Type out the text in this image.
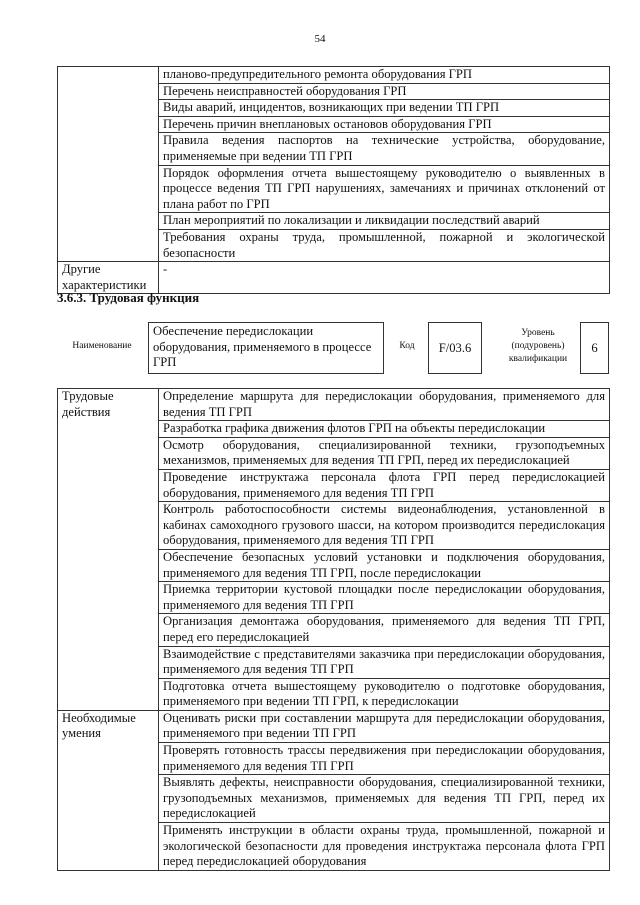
54
	планово-предупредительного ремонта оборудования ГРП
	Перечень неисправностей оборудования ГРП
	Виды аварий, инцидентов, возникающих при ведении ТП ГРП
	Перечень причин внеплановых остановов оборудования ГРП
	Правила ведения паспортов на технические устройства, оборудование, применяемые при ведении ТП ГРП
	Порядок оформления отчета вышестоящему руководителю о выявленных в процессе ведения ТП ГРП нарушениях, замечаниях и причинах отклонений от плана работ по ГРП
	План мероприятий по локализации и ликвидации последствий аварий
	Требования охраны труда, промышленной, пожарной и экологической безопасности
Другие характеристики	-
3.6.3. Трудовая функция
Наименование
Обеспечение передислокации оборудования, применяемого в процессе ГРП
Код	F/03.6
Уровень (подуровень) квалификации
6
Трудовые действия	Определение маршрута для передислокации оборудования, применяемого для ведения ТП ГРП
	Разработка графика движения флотов ГРП на объекты передислокации
	Осмотр оборудования, специализированной техники, грузоподъемных механизмов, применяемых для ведения ТП ГРП, перед их передислокацией
	Проведение инструктажа персонала флота ГРП перед передислокацией оборудования, применяемого для ведения ТП ГРП
	Контроль работоспособности системы видеонаблюдения, установленной в кабинах самоходного грузового шасси, на котором производится передислокация оборудования, применяемого для ведения ТП ГРП
	Обеспечение безопасных условий установки и подключения оборудования, применяемого для ведения ТП ГРП, после передислокации
	Приемка территории кустовой площадки после передислокации оборудования, применяемого для ведения ТП ГРП
	Организация демонтажа оборудования, применяемого для ведения ТП ГРП, перед его передислокацией
	Взаимодействие с представителями заказчика при передислокации оборудования, применяемого для ведения ТП ГРП
	Подготовка отчета вышестоящему руководителю о подготовке оборудования, применяемого при ведении ТП ГРП, к передислокации
Необходимые умения	Оценивать риски при составлении маршрута для передислокации оборудования, применяемого при ведении ТП ГРП
	Проверять готовность трассы передвижения при передислокации оборудования, применяемого для ведения ТП ГРП
	Выявлять дефекты, неисправности оборудования, специализированной техники, грузоподъемных механизмов, применяемых для ведения ТП ГРП, перед их передислокацией
	Применять инструкции в области охраны труда, промышленной, пожарной и экологической безопасности для проведения инструктажа персонала флота ГРП перед передислокацией оборудования
